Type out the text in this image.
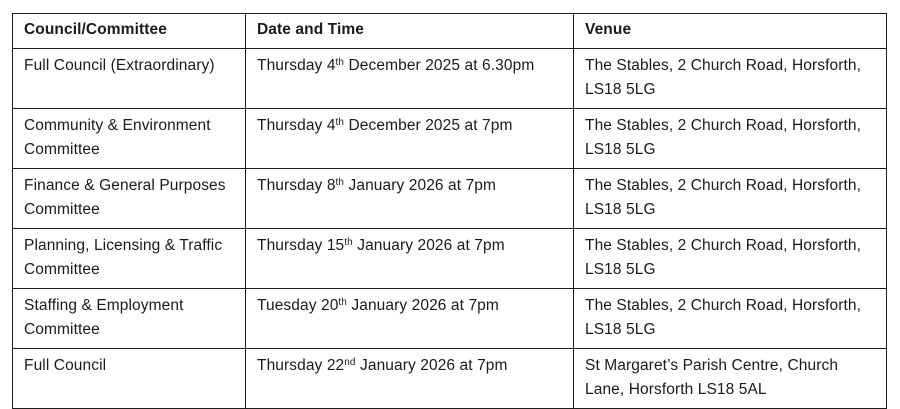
Council/Committee	Date and Time	Venue
Full Council (Extraordinary)	Thursday 4th December 2025 at 6.30pm	The Stables, 2 Church Road, Horsforth, LS18 5LG
Community & Environment Committee	Thursday 4th December 2025 at 7pm	The Stables, 2 Church Road, Horsforth, LS18 5LG
Finance & General Purposes Committee	Thursday 8th January 2026 at 7pm	The Stables, 2 Church Road, Horsforth, LS18 5LG
Planning, Licensing & Traffic Committee	Thursday 15th January 2026 at 7pm	The Stables, 2 Church Road, Horsforth, LS18 5LG
Staffing & Employment Committee	Tuesday 20th January 2026 at 7pm	The Stables, 2 Church Road, Horsforth, LS18 5LG
Full Council	Thursday 22nd January 2026 at 7pm	St Margaret’s Parish Centre, Church Lane, Horsforth LS18 5AL
